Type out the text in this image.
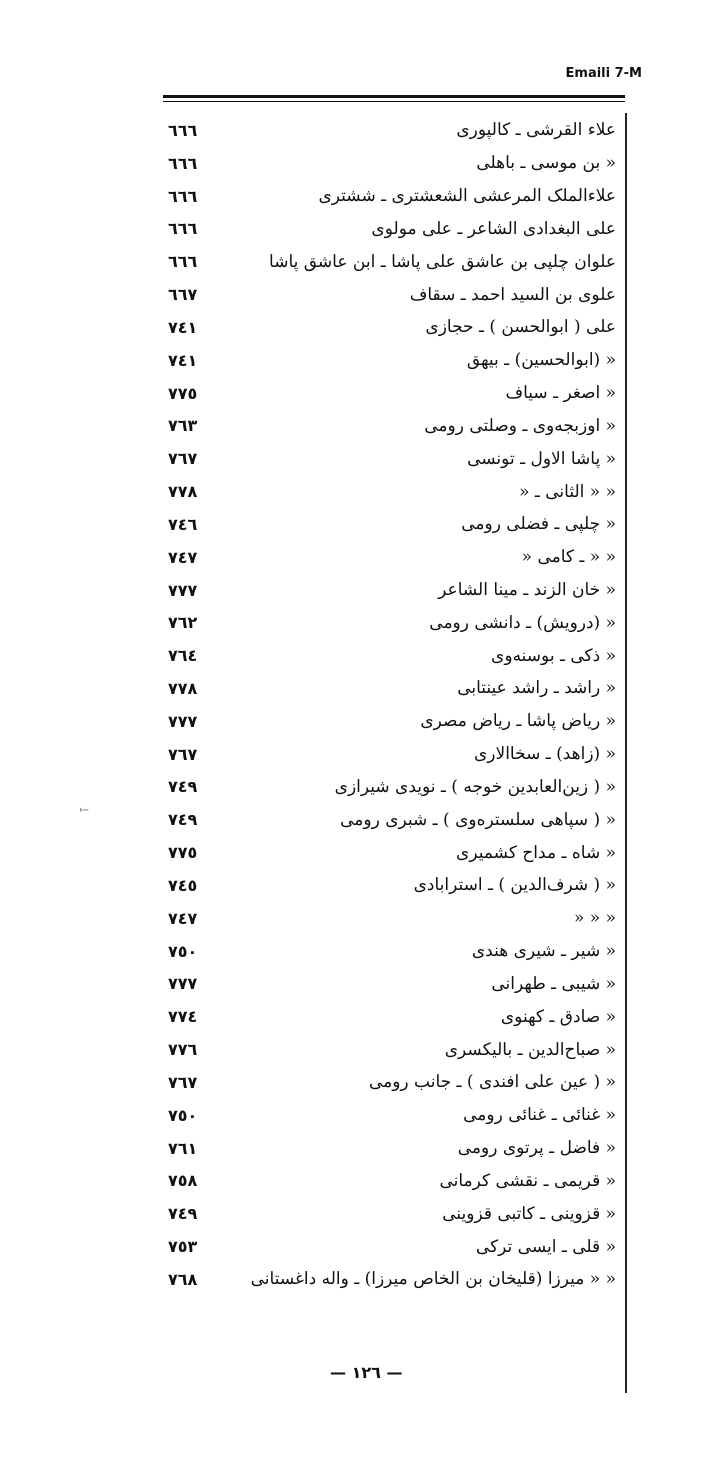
Emaili 7-M
ﻠ
٦٦٦	علاء القرشی ـ کالپوری
٦٦٦	« بن موسی ـ باهلی
٦٦٦	علاءالملک المرعشی الشعشتری ـ ششتری
٦٦٦	علی البغدادی الشاعر ـ علی مولوی
٦٦٦	علوان چلپی بن عاشق علی پاشا ـ ابن عاشق پاشا
٦٦٧	علوی بن السید احمد ـ سقاف
٧٤١	علی ( ابوالحسن ) ـ حجازی
٧٤١	« (ابوالحسین) ـ بیهق
٧٧٥	« اصغر ـ سیاف
٧٦٣	« اوزبجه‌وی ـ وصلتی رومی
٧٦٧	« پاشا الاول ـ تونسی
٧٧٨	« « الثانی ـ «
٧٤٦	« چلپی ـ فضلی رومی
٧٤٧	« « ـ کامی «
٧٧٧	« خان الزند ـ مینا الشاعر
٧٦٢	« (درویش) ـ دانشی رومی
٧٦٤	« ذکی ـ بوسنه‌وی
٧٧٨	« راشد ـ راشد عینتابی
٧٧٧	« ریاض پاشا ـ ریاض مصری
٧٦٧	« (زاهد) ـ سخاالاری
٧٤٩	« ( زین‌العابدین خوجه ) ـ نویدی شیرازی
٧٤٩	« ( سپاهی سلستره‌وی ) ـ شبری رومی
٧٧٥	« شاه ـ مداح کشمیری
٧٤٥	« ( شرف‌الدین ) ـ استرابادی
٧٤٧	« « «
٧٥٠	« شیر ـ شیری هندی
٧٧٧	« شیبی ـ طهرانی
٧٧٤	« صادق ـ کهنوی
٧٧٦	« صباح‌الدین ـ بالیکسری
٧٦٧	« ( عین علی افندی ) ـ جانب رومی
٧٥٠	« غنائی ـ غنائی رومی
٧٦١	« فاضل ـ پرتوی رومی
٧٥٨	« قریمی ـ نقشی کرمانی
٧٤٩	« قزوینی ـ کاتبی قزوینی
٧٥٣	« قلی ـ ایسی ترکی
٧٦٨	« « میرزا (قلیخان بن الخاص میرزا) ـ واله داغستانی
— ١٢٦ —
